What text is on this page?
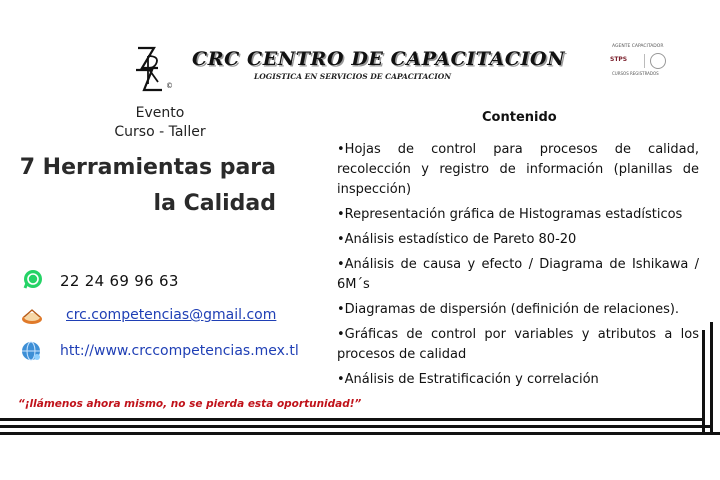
©
CRC CENTRO DE CAPACITACION
LOGISTICA EN SERVICIOS DE CAPACITACION
AGENTE CAPACITADOR
STPS
CURSOS REGISTRADOS
Evento
Curso - Taller
7 Herramientas para
la Calidad
22 24 69 96 63
crc.competencias@gmail.com
htt://www.crccompetencias.mex.tl
“¡llámenos ahora mismo, no se pierda esta oportunidad!”
Contenido
•Hojas de control para procesos de calidad, recolección y registro de información (planillas de inspección)
•Representación gráfica de Histogramas estadísticos
•Análisis estadístico de Pareto 80-20
•Análisis de causa y efecto / Diagrama de Ishikawa / 6M´s
•Diagramas de dispersión (definición de relaciones).
•Gráficas de control por variables y atributos a los procesos de calidad
•Análisis de Estratificación y correlación
